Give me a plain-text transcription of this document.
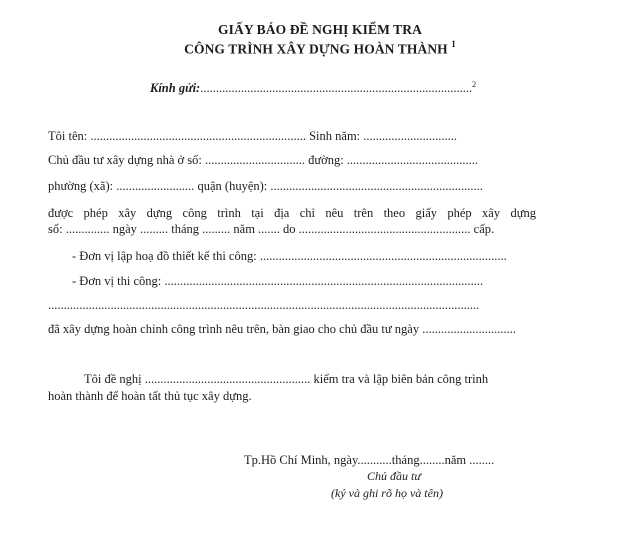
GIẤY BÁO ĐỀ NGHỊ KIỂM TRA
CÔNG TRÌNH XÂY DỰNG HOÀN THÀNH $^1$
Kính gửi:.......................................................................................$^2$
Tôi tên: ..................................................................... Sinh năm: ..............................
Chủ đầu tư xây dựng nhà ở số: ................................ đường: ..........................................
phường (xã): ......................... quận (huyện): ....................................................................
được phép xây dựng công trình tại địa chỉ nêu trên theo giấy phép xây dựng
số: .............. ngày ......... tháng ......... năm ....... do ....................................................... cấp.
- Đơn vị lập hoạ đồ thiết kế thi công: ...............................................................................
- Đơn vị thi công: ......................................................................................................
..........................................................................................................................................
đã xây dựng hoàn chỉnh công trình nêu trên, bàn giao cho chủ đầu tư ngày ..............................
Tôi đề nghị ..................................................... kiểm tra và lập biên bản công trình
hoàn thành để hoàn tất thủ tục xây dựng.
Tp.Hồ Chí Minh, ngày...........tháng........năm ........
Chủ đầu tư
(ký và ghi rõ họ và tên)
